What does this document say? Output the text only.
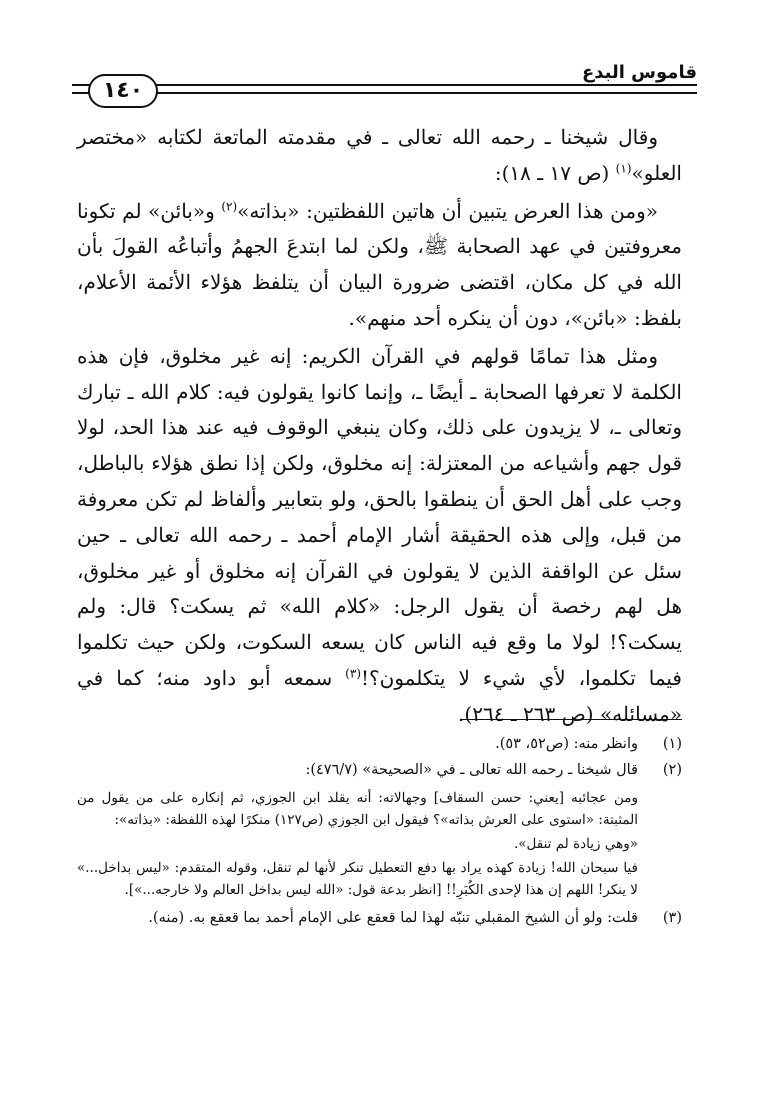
قاموس البدع
١٤٠

وقال شيخنا ـ رحمه الله تعالى ـ في مقدمته الماتعة لكتابه «مختصر العلو»$^{(١)}$ (ص ١٧ ـ ١٨):

«ومن هذا العرض يتبين أن هاتين اللفظتين: «بذاته»$^{(٢)}$ و«بائن» لم تكونا معروفتين في عهد الصحابة ﷺ، ولكن لما ابتدعَ الجهمُ وأتباعُه القولَ بأن الله في كل مكان، اقتضى ضرورة البيان أن يتلفظ هؤلاء الأئمة الأعلام، بلفظ: «بائن»، دون أن ينكره أحد منهم».

ومثل هذا تمامًا قولهم في القرآن الكريم: إنه غير مخلوق، فإن هذه الكلمة لا تعرفها الصحابة ـ أيضًا ـ، وإنما كانوا يقولون فيه: كلام الله ـ تبارك وتعالى ـ، لا يزيدون على ذلك، وكان ينبغي الوقوف فيه عند هذا الحد، لولا قول جهم وأشياعه من المعتزلة: إنه مخلوق، ولكن إذا نطق هؤلاء بالباطل، وجب على أهل الحق أن ينطقوا بالحق، ولو بتعابير وألفاظ لم تكن معروفة من قبل، وإلى هذه الحقيقة أشار الإمام أحمد ـ رحمه الله تعالى ـ حين سئل عن الواقفة الذين لا يقولون في القرآن إنه مخلوق أو غير مخلوق، هل لهم رخصة أن يقول الرجل: «كلام الله» ثم يسكت؟ قال: ولم يسكت؟! لولا ما وقع فيه الناس كان يسعه السكوت، ولكن حيث تكلموا فيما تكلموا، لأي شيء لا يتكلمون؟!$^{(٣)}$ سمعه أبو داود منه؛ كما في «مسائله» (ص ٢٦٣ ـ ٢٦٤).

(١)
وانظر منه: (ص٥٢، ٥٣).

(٢)
قال شيخنا ـ رحمه الله تعالى ـ في «الصحيحة» (٤٧٦/٧):

ومن عجائبه [يعني: حسن السقاف] وجهالاته: أنه يقلد ابن الجوزي، ثم إنكاره على من يقول من المثبتة: «استوى على العرش بذاته»؟ فيقول ابن الجوزي (ص١٢٧) منكرًا لهذه اللفظة: «بذاته»:

«وهي زيادة لم تنقل».

فيا سبحان الله! زيادة كهذه يراد بها دفع التعطيل تنكر لأنها لم تنقل، وقوله المتقدم: «ليس بداخل...» لا ينكر! اللهم إن هذا لإحدى الكُبَرِ!! [انظر بدعة قول: «الله ليس بداخل العالم ولا خارجه...»].

(٣)
قلت: ولو أن الشيخ المقبلي تنبّه لهذا لما قعقع على الإمام أحمد بما قعقع به. (منه).
